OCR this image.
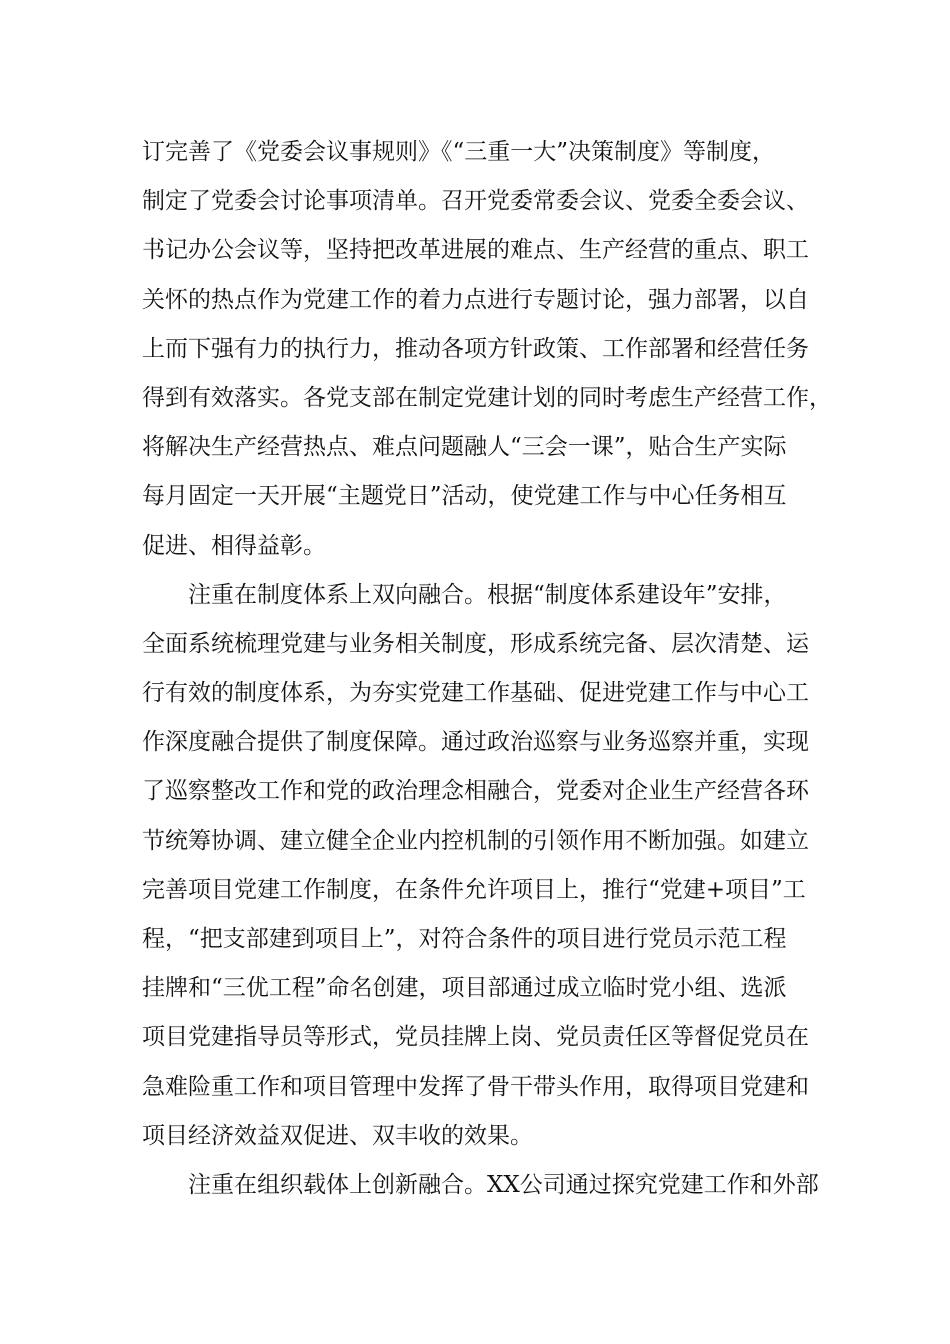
订完善了《党委会议事规则》《“三重一大”决策制度》等制度，
制定了党委会讨论事项清单。召开党委常委会议、党委全委会议、
书记办公会议等，坚持把改革进展的难点、生产经营的重点、职工
关怀的热点作为党建工作的着力点进行专题讨论，强力部署，以自
上而下强有力的执行力，推动各项方针政策、工作部署和经营任务
得到有效落实。各党支部在制定党建计划的同时考虑生产经营工作，
将解决生产经营热点、难点问题融人“三会一课”，贴合生产实际
每月固定一天开展“主题党日”活动，使党建工作与中心任务相互
促进、相得益彰。
注重在制度体系上双向融合。根据“制度体系建设年”安排，
全面系统梳理党建与业务相关制度，形成系统完备、层次清楚、运
行有效的制度体系，为夯实党建工作基础、促进党建工作与中心工
作深度融合提供了制度保障。通过政治巡察与业务巡察并重，实现
了巡察整改工作和党的政治理念相融合，党委对企业生产经营各环
节统筹协调、建立健全企业内控机制的引领作用不断加强。如建立
完善项目党建工作制度，在条件允许项目上，推行“党建+项目”工
程，“把支部建到项目上”，对符合条件的项目进行党员示范工程
挂牌和“三优工程”命名创建，项目部通过成立临时党小组、选派
项目党建指导员等形式，党员挂牌上岗、党员责任区等督促党员在
急难险重工作和项目管理中发挥了骨干带头作用，取得项目党建和
项目经济效益双促进、双丰收的效果。
注重在组织载体上创新融合。XX公司通过探究党建工作和外部
